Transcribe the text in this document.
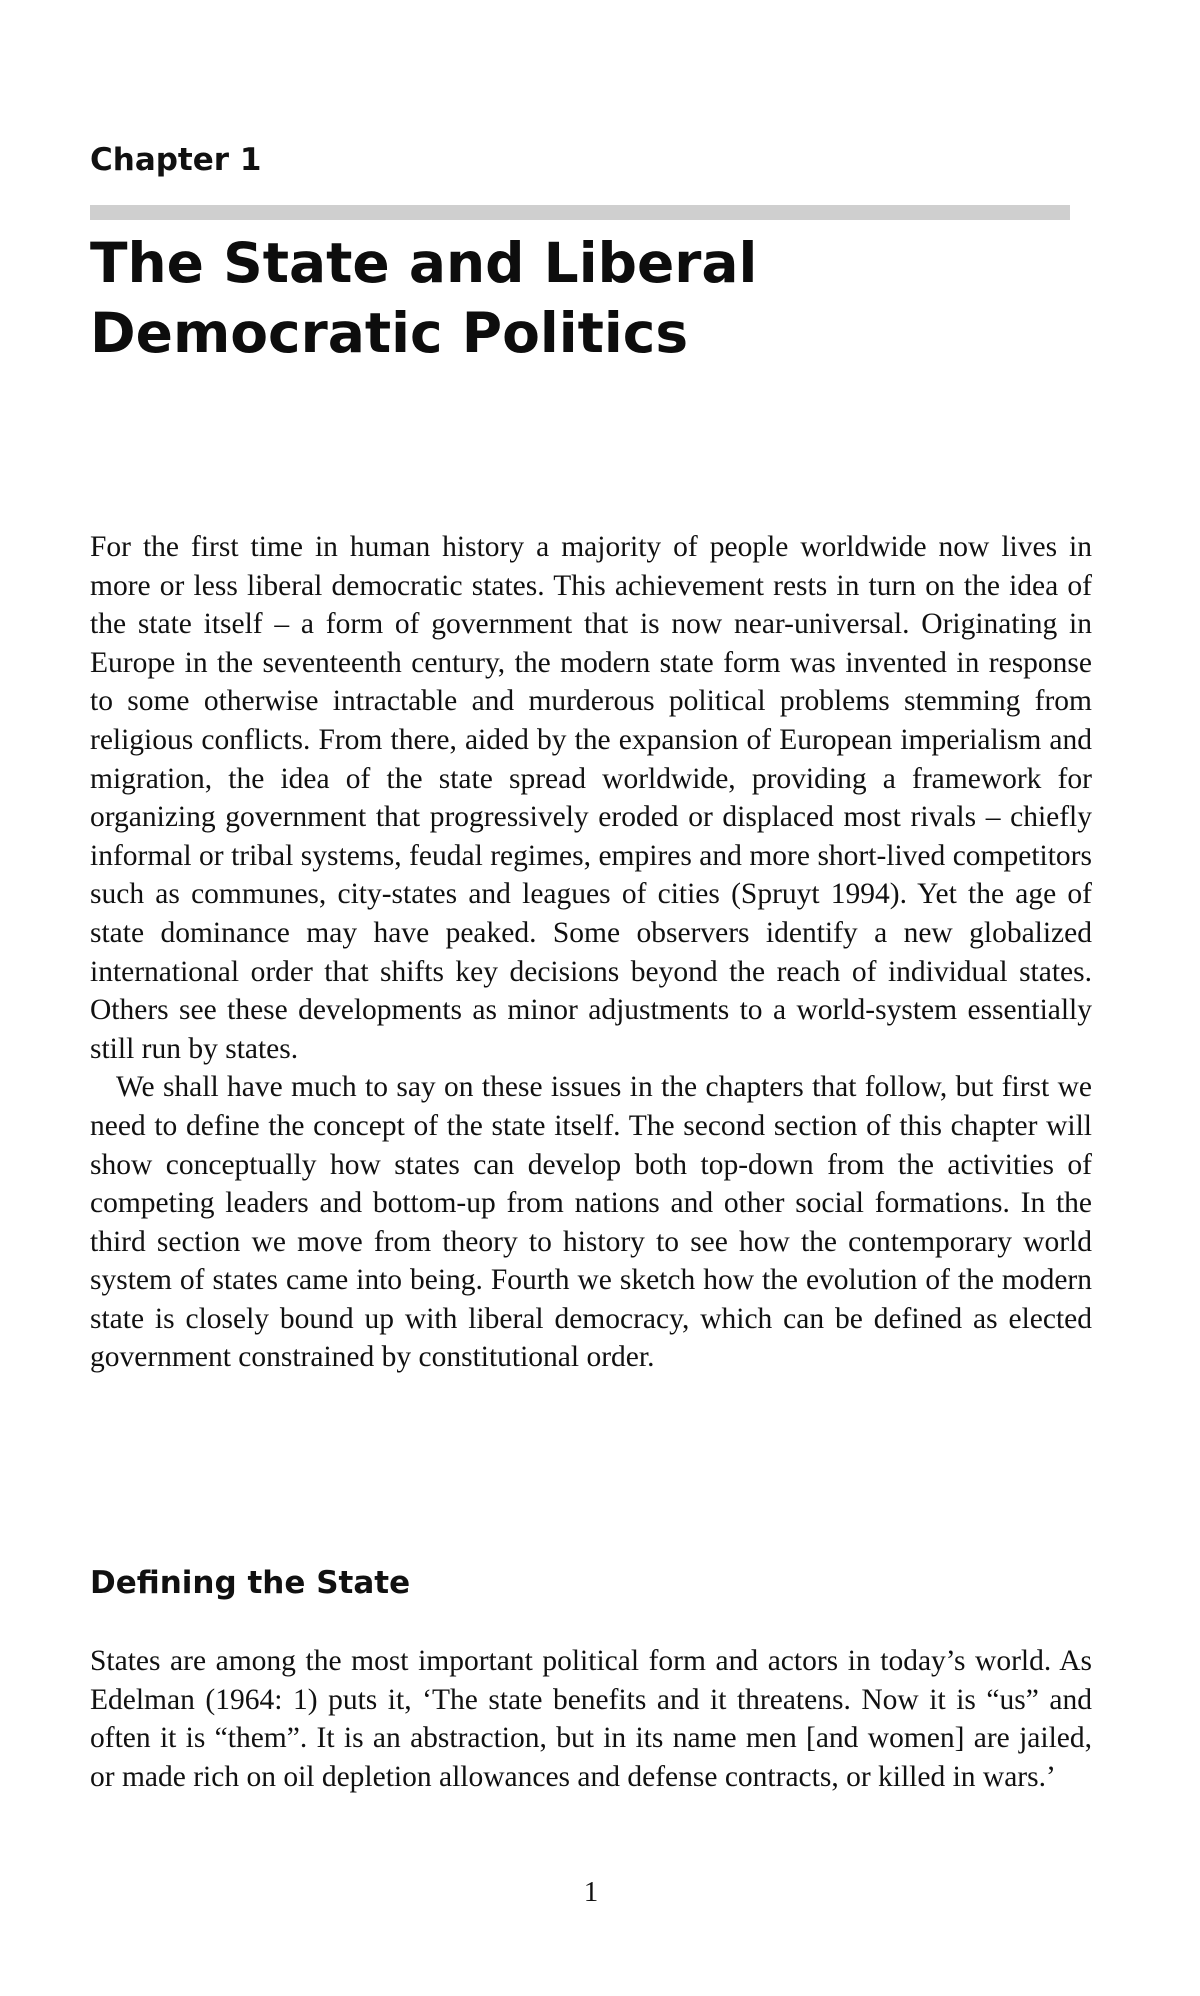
Chapter 1
The State and Liberal Democratic Politics

For the first time in human history a majority of people worldwide now lives in more or less liberal democratic states. This achievement rests in turn on the idea of the state itself – a form of government that is now near-universal. Originating in Europe in the seventeenth century, the modern state form was invented in response to some otherwise intractable and murderous political problems stemming from religious conflicts. From there, aided by the expansion of European imperialism and migration, the idea of the state spread worldwide, providing a framework for organizing government that progressively eroded or displaced most rivals – chiefly informal or tribal systems, feudal regimes, empires and more short-lived competitors such as communes, city-states and leagues of cities (Spruyt 1994). Yet the age of state dominance may have peaked. Some observers identify a new globalized international order that shifts key decisions beyond the reach of individual states. Others see these developments as minor adjustments to a world-system essentially still run by states.

We shall have much to say on these issues in the chapters that follow, but first we need to define the concept of the state itself. The second section of this chapter will show conceptually how states can develop both top-down from the activities of competing leaders and bottom-up from nations and other social formations. In the third section we move from theory to history to see how the contemporary world system of states came into being. Fourth we sketch how the evolution of the modern state is closely bound up with liberal democracy, which can be defined as elected government constrained by constitutional order.

Defining the State

States are among the most important political form and actors in today’s world. As Edelman (1964: 1) puts it, ‘The state benefits and it threatens. Now it is “us” and often it is “them”. It is an abstraction, but in its name men [and women] are jailed, or made rich on oil depletion allowances and defense contracts, or killed in wars.’

1
